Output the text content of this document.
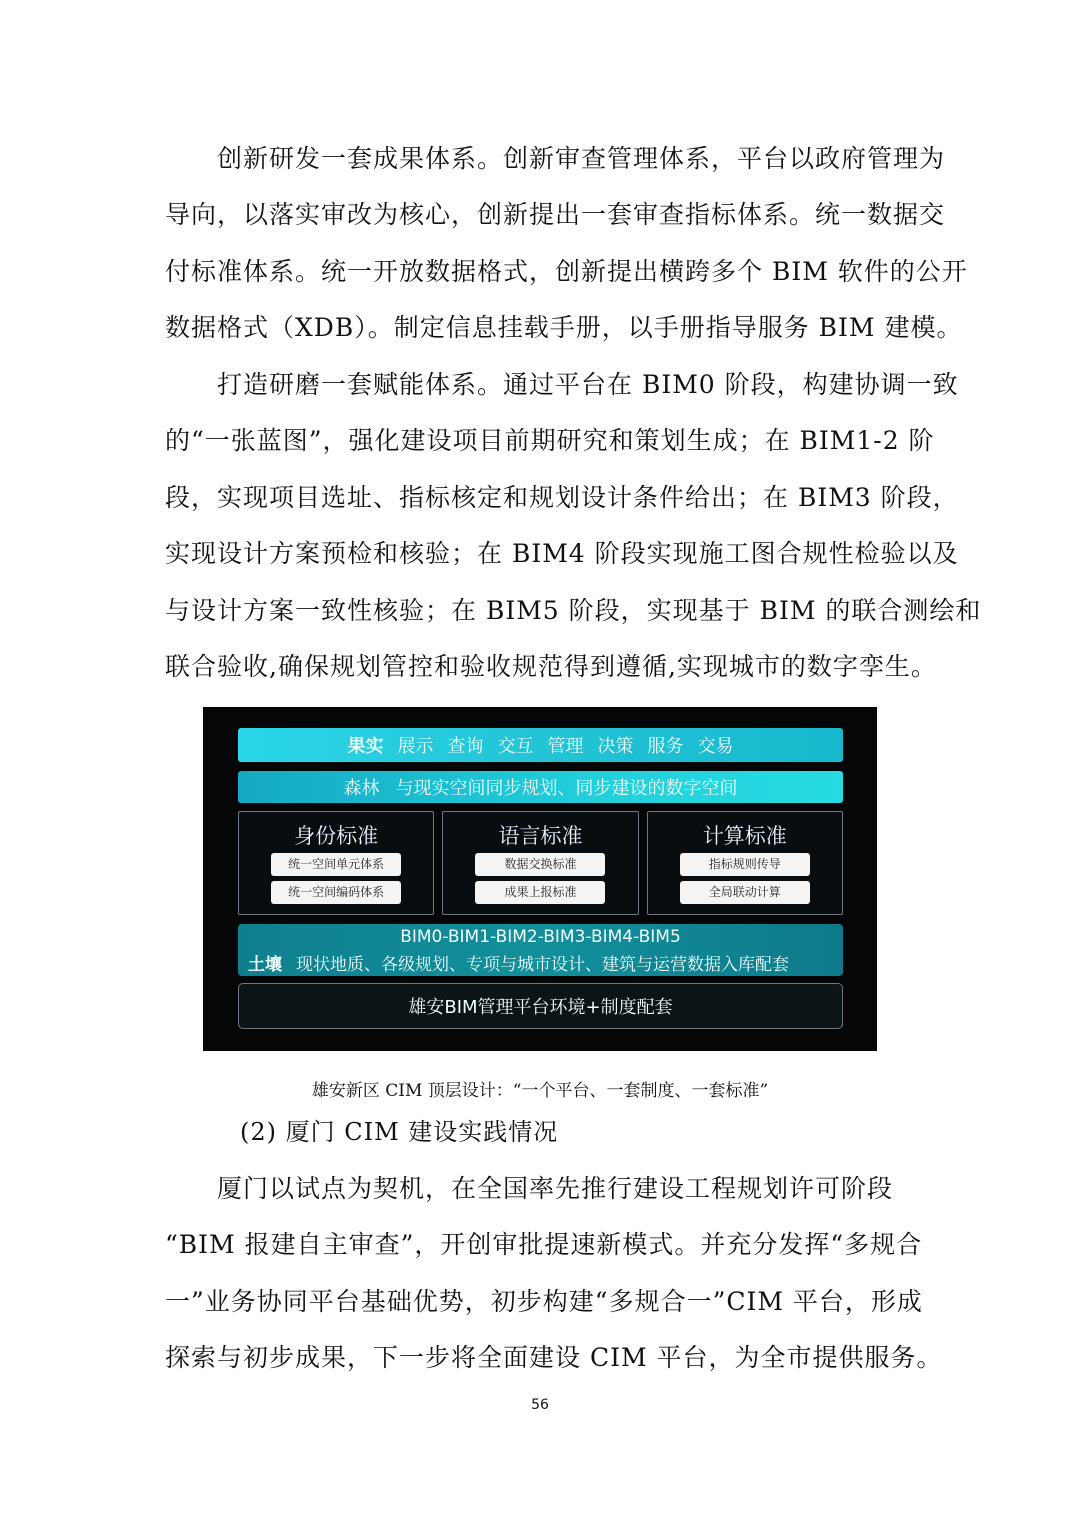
　　创新研发一套成果体系。创新审查管理体系，平台以政府管理为
导向，以落实审改为核心，创新提出一套审查指标体系。统一数据交
付标准体系。统一开放数据格式，创新提出横跨多个 BIM 软件的公开
数据格式（XDB）。制定信息挂载手册，以手册指导服务 BIM 建模。
　　打造研磨一套赋能体系。通过平台在 BIM0 阶段，构建协调一致
的“一张蓝图”，强化建设项目前期研究和策划生成；在 BIM1-2 阶
段，实现项目选址、指标核定和规划设计条件给出；在 BIM3 阶段，
实现设计方案预检和核验；在 BIM4 阶段实现施工图合规性检验以及
与设计方案一致性核验；在 BIM5 阶段，实现基于 BIM 的联合测绘和
联合验收,确保规划管控和验收规范得到遵循,实现城市的数字孪生。
果实 展示 查询 交互 管理 决策 服务 交易
森林 与现实空间同步规划、同步建设的数字空间
身份标准
统一空间单元体系
统一空间编码体系
语言标准
数据交换标准
成果上报标准
计算标准
指标规则传导
全局联动计算
BIM0-BIM1-BIM2-BIM3-BIM4-BIM5
土壤 现状地质、各级规划、专项与城市设计、建筑与运营数据入库配套
雄安BIM管理平台环境+制度配套
雄安新区 CIM 顶层设计：“一个平台、一套制度、一套标准”
(2) 厦门 CIM 建设实践情况
　　厦门以试点为契机，在全国率先推行建设工程规划许可阶段
“BIM 报建自主审查”，开创审批提速新模式。并充分发挥“多规合
一”业务协同平台基础优势，初步构建“多规合一”CIM 平台，形成
探索与初步成果，下一步将全面建设 CIM 平台，为全市提供服务。
56
